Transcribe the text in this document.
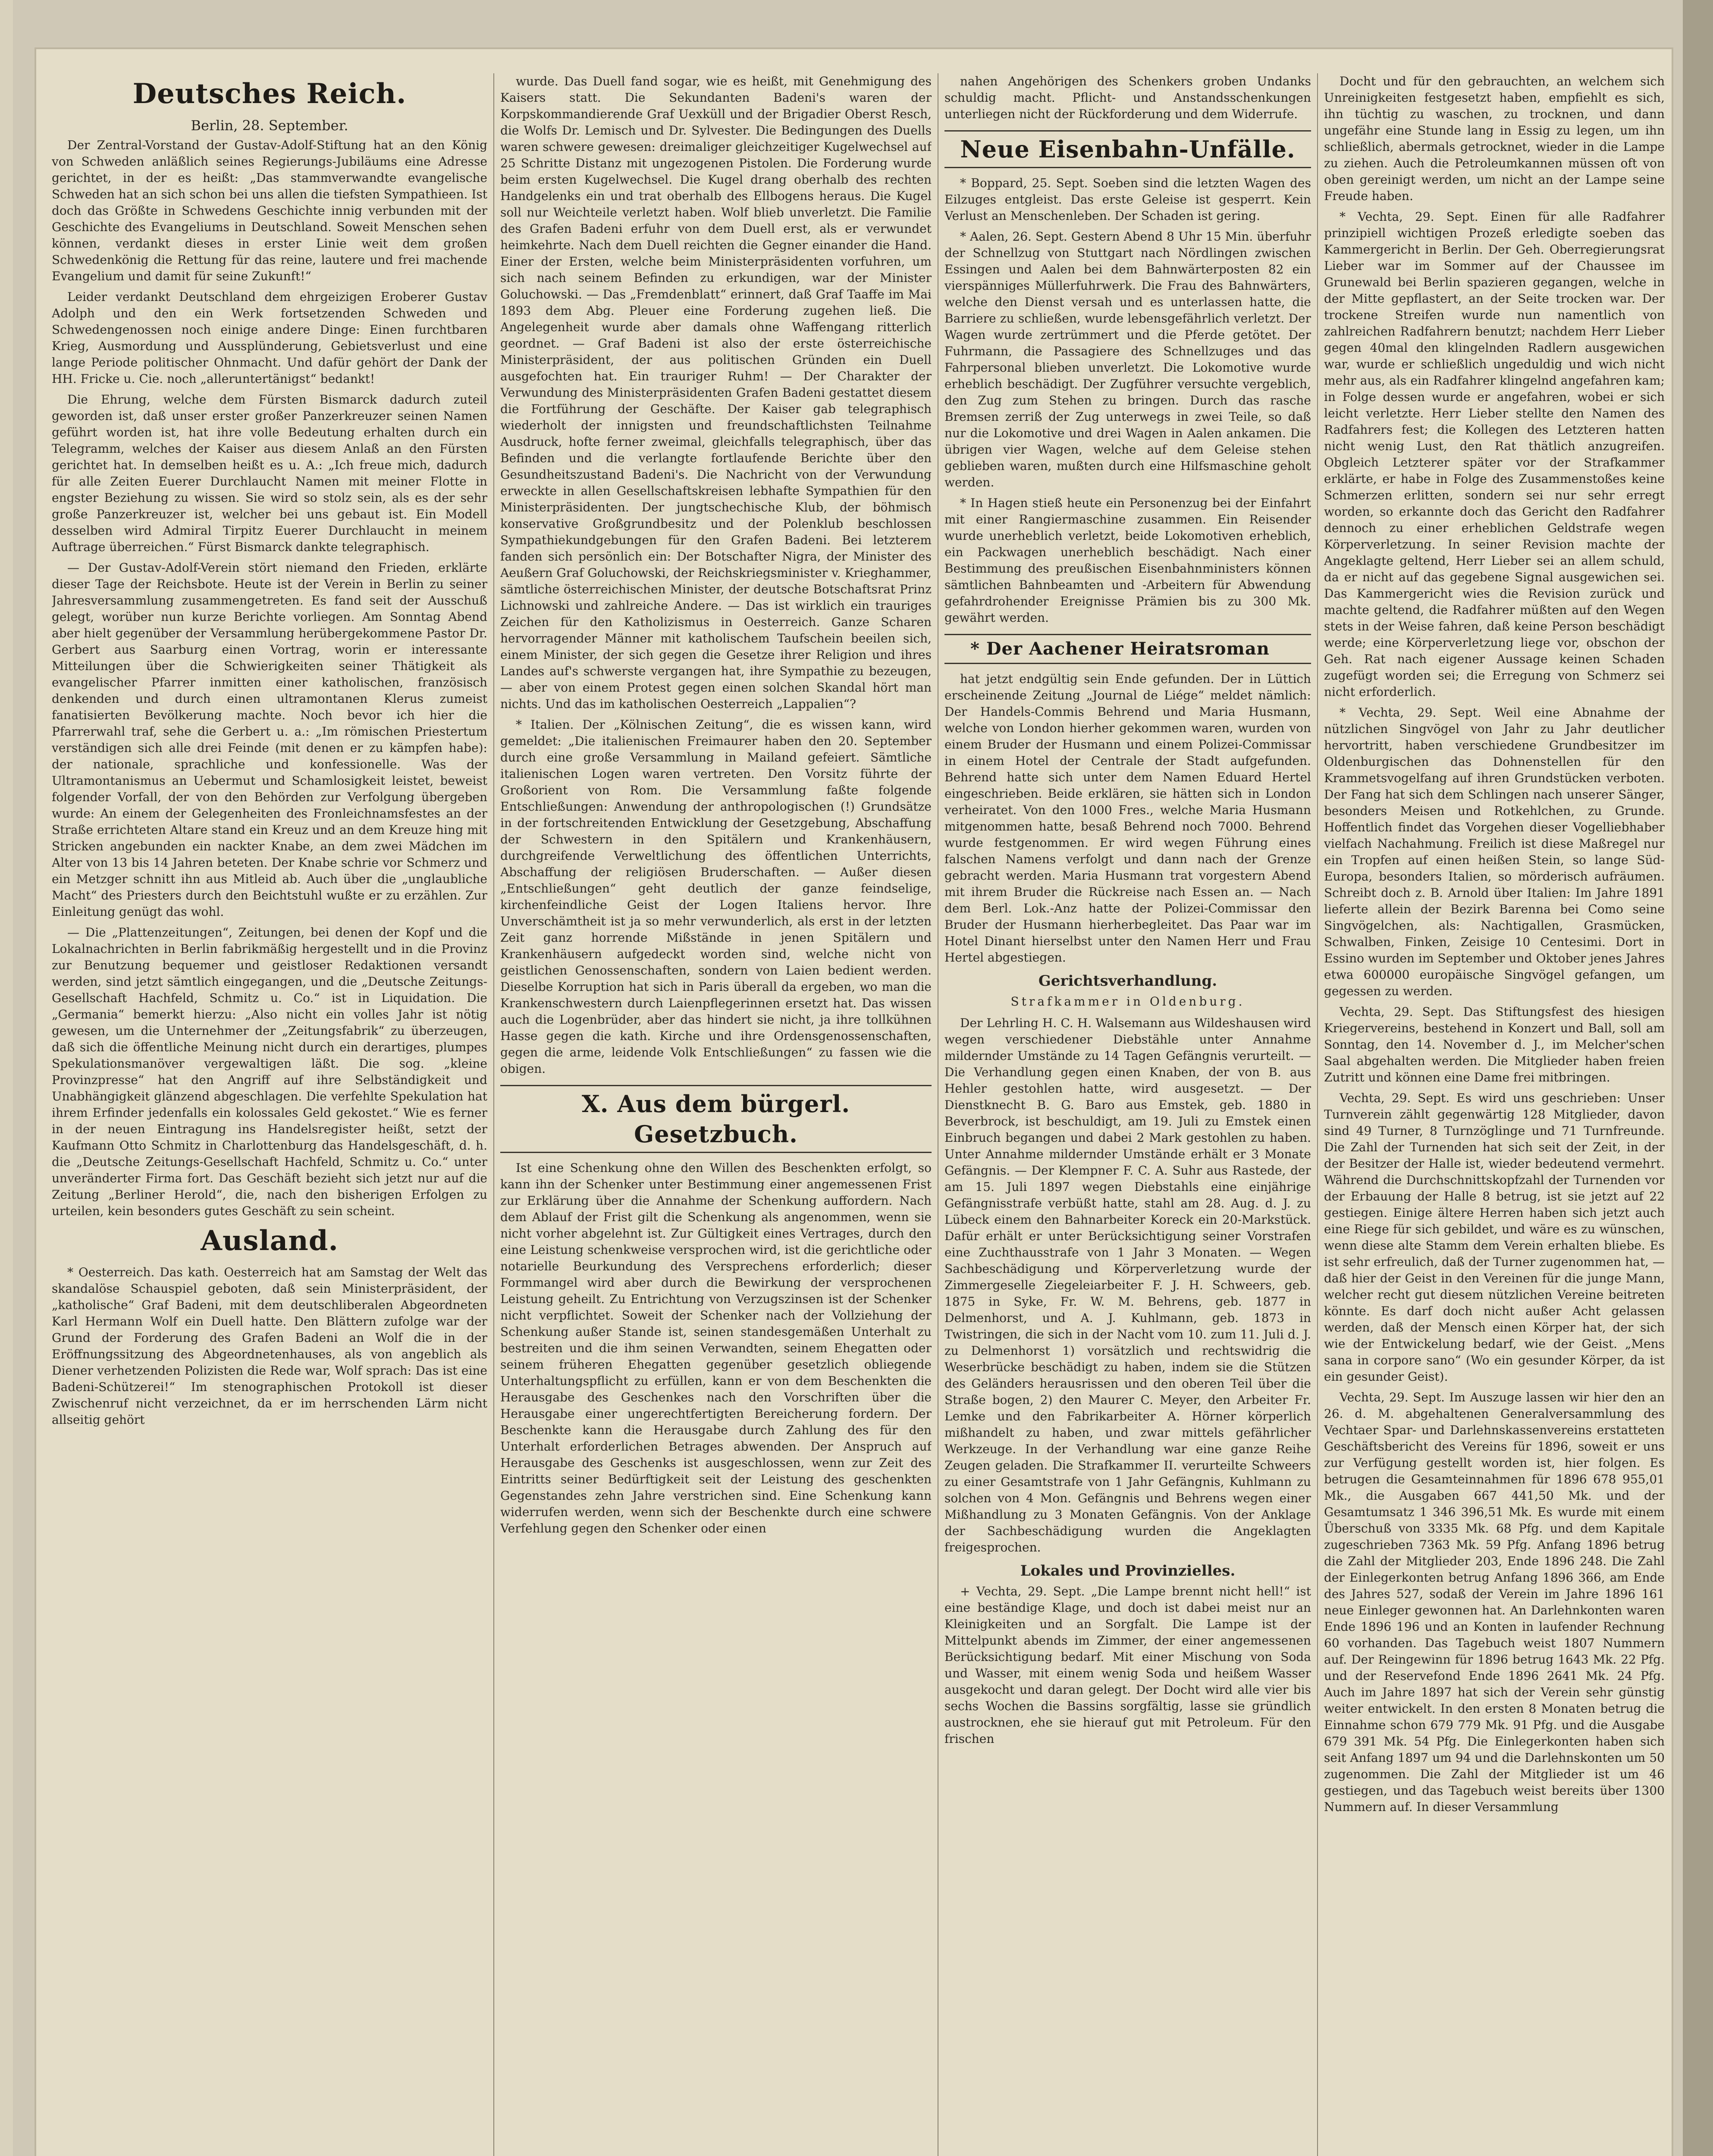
Deutsches Reich.

Berlin, 28. September.

Der Zentral-Vorstand der Gustav-Adolf-Stiftung hat an den König von Schweden anläßlich seines Regierungs-Jubiläums eine Adresse gerichtet, in der es heißt: „Das stammverwandte evangelische Schweden hat an sich schon bei uns allen die tiefsten Sympathieen. Ist doch das Größte in Schwedens Geschichte innig verbunden mit der Geschichte des Evangeliums in Deutschland. Soweit Menschen sehen können, verdankt dieses in erster Linie weit dem großen Schwedenkönig die Rettung für das reine, lautere und frei machende Evangelium und damit für seine Zukunft!“

Leider verdankt Deutschland dem ehrgeizigen Eroberer Gustav Adolph und den ein Werk fortsetzenden Schweden und Schwedengenossen noch einige andere Dinge: Einen furchtbaren Krieg, Ausmordung und Aussplünderung, Gebietsverlust und eine lange Periode politischer Ohnmacht. Und dafür gehört der Dank der HH. Fricke u. Cie. noch „alleruntertänigst“ bedankt!

Die Ehrung, welche dem Fürsten Bismarck dadurch zuteil geworden ist, daß unser erster großer Panzerkreuzer seinen Namen geführt worden ist, hat ihre volle Bedeutung erhalten durch ein Telegramm, welches der Kaiser aus diesem Anlaß an den Fürsten gerichtet hat. In demselben heißt es u. A.: „Ich freue mich, dadurch für alle Zeiten Euerer Durchlaucht Namen mit meiner Flotte in engster Beziehung zu wissen. Sie wird so stolz sein, als es der sehr große Panzerkreuzer ist, welcher bei uns gebaut ist. Ein Modell desselben wird Admiral Tirpitz Euerer Durchlaucht in meinem Auftrage überreichen.“ Fürst Bismarck dankte telegraphisch.

— Der Gustav-Adolf-Verein stört niemand den Frieden, erklärte dieser Tage der Reichsbote. Heute ist der Verein in Berlin zu seiner Jahresversammlung zusammengetreten. Es fand seit der Ausschuß gelegt, worüber nun kurze Berichte vorliegen. Am Sonntag Abend aber hielt gegenüber der Versammlung herübergekommene Pastor Dr. Gerbert aus Saarburg einen Vortrag, worin er interessante Mitteilungen über die Schwierigkeiten seiner Thätigkeit als evangelischer Pfarrer inmitten einer katholischen, französisch denkenden und durch einen ultramontanen Klerus zumeist fanatisierten Bevölkerung machte. Noch bevor ich hier die Pfarrerwahl traf, sehe die Gerbert u. a.: „Im römischen Priestertum verständigen sich alle drei Feinde (mit denen er zu kämpfen habe): der nationale, sprachliche und konfessionelle. Was der Ultramontanismus an Uebermut und Schamlosigkeit leistet, beweist folgender Vorfall, der von den Behörden zur Verfolgung übergeben wurde: An einem der Gelegenheiten des Fronleichnamsfestes an der Straße errichteten Altare stand ein Kreuz und an dem Kreuze hing mit Stricken angebunden ein nackter Knabe, an dem zwei Mädchen im Alter von 13 bis 14 Jahren beteten. Der Knabe schrie vor Schmerz und ein Metzger schnitt ihn aus Mitleid ab. Auch über die „unglaubliche Macht“ des Priesters durch den Beichtstuhl wußte er zu erzählen. Zur Einleitung genügt das wohl.

— Die „Plattenzeitungen“, Zeitungen, bei denen der Kopf und die Lokalnachrichten in Berlin fabrikmäßig hergestellt und in die Provinz zur Benutzung bequemer und geistloser Redaktionen versandt werden, sind jetzt sämtlich eingegangen, und die „Deutsche Zeitungs-Gesellschaft Hachfeld, Schmitz u. Co.“ ist in Liquidation. Die „Germania“ bemerkt hierzu: „Also nicht ein volles Jahr ist nötig gewesen, um die Unternehmer der „Zeitungsfabrik“ zu überzeugen, daß sich die öffentliche Meinung nicht durch ein derartiges, plumpes Spekulationsmanöver vergewaltigen läßt. Die sog. „kleine Provinzpresse“ hat den Angriff auf ihre Selbständigkeit und Unabhängigkeit glänzend abgeschlagen. Die verfehlte Spekulation hat ihrem Erfinder jedenfalls ein kolossales Geld gekostet.“ Wie es ferner in der neuen Eintragung ins Handelsregister heißt, setzt der Kaufmann Otto Schmitz in Charlottenburg das Handelsgeschäft, d. h. die „Deutsche Zeitungs-Gesellschaft Hachfeld, Schmitz u. Co.“ unter unveränderter Firma fort. Das Geschäft bezieht sich jetzt nur auf die Zeitung „Berliner Herold“, die, nach den bisherigen Erfolgen zu urteilen, kein besonders gutes Geschäft zu sein scheint.

Ausland.

* Oesterreich. Das kath. Oesterreich hat am Samstag der Welt das skandalöse Schauspiel geboten, daß sein Ministerpräsident, der „katholische“ Graf Badeni, mit dem deutschliberalen Abgeordneten Karl Hermann Wolf ein Duell hatte. Den Blättern zufolge war der Grund der Forderung des Grafen Badeni an Wolf die in der Eröffnungssitzung des Abgeordnetenhauses, als von angeblich als Diener verhetzenden Polizisten die Rede war, Wolf sprach: Das ist eine Badeni-Schützerei!“ Im stenographischen Protokoll ist dieser Zwischenruf nicht verzeichnet, da er im herrschenden Lärm nicht allseitig gehört

wurde. Das Duell fand sogar, wie es heißt, mit Genehmigung des Kaisers statt. Die Sekundanten Badeni's waren der Korpskommandierende Graf Uexküll und der Brigadier Oberst Resch, die Wolfs Dr. Lemisch und Dr. Sylvester. Die Bedingungen des Duells waren schwere gewesen: dreimaliger gleichzeitiger Kugelwechsel auf 25 Schritte Distanz mit ungezogenen Pistolen. Die Forderung wurde beim ersten Kugelwechsel. Die Kugel drang oberhalb des rechten Handgelenks ein und trat oberhalb des Ellbogens heraus. Die Kugel soll nur Weichteile verletzt haben. Wolf blieb unverletzt. Die Familie des Grafen Badeni erfuhr von dem Duell erst, als er verwundet heimkehrte. Nach dem Duell reichten die Gegner einander die Hand. Einer der Ersten, welche beim Ministerpräsidenten vorfuhren, um sich nach seinem Befinden zu erkundigen, war der Minister Goluchowski. — Das „Fremdenblatt“ erinnert, daß Graf Taaffe im Mai 1893 dem Abg. Pleuer eine Forderung zugehen ließ. Die Angelegenheit wurde aber damals ohne Waffengang ritterlich geordnet. — Graf Badeni ist also der erste österreichische Ministerpräsident, der aus politischen Gründen ein Duell ausgefochten hat. Ein trauriger Ruhm! — Der Charakter der Verwundung des Ministerpräsidenten Grafen Badeni gestattet diesem die Fortführung der Geschäfte. Der Kaiser gab telegraphisch wiederholt der innigsten und freundschaftlichsten Teilnahme Ausdruck, hofte ferner zweimal, gleichfalls telegraphisch, über das Befinden und die verlangte fortlaufende Berichte über den Gesundheitszustand Badeni's. Die Nachricht von der Verwundung erweckte in allen Gesellschaftskreisen lebhafte Sympathien für den Ministerpräsidenten. Der jungtschechische Klub, der böhmisch konservative Großgrundbesitz und der Polenklub beschlossen Sympathiekundgebungen für den Grafen Badeni. Bei letzterem fanden sich persönlich ein: Der Botschafter Nigra, der Minister des Aeußern Graf Goluchowski, der Reichskriegsminister v. Krieghammer, sämtliche österreichischen Minister, der deutsche Botschaftsrat Prinz Lichnowski und zahlreiche Andere. — Das ist wirklich ein trauriges Zeichen für den Katholizismus in Oesterreich. Ganze Scharen hervorragender Männer mit katholischem Taufschein beeilen sich, einem Minister, der sich gegen die Gesetze ihrer Religion und ihres Landes auf's schwerste vergangen hat, ihre Sympathie zu bezeugen, — aber von einem Protest gegen einen solchen Skandal hört man nichts. Und das im katholischen Oesterreich „Lappalien“?

* Italien. Der „Kölnischen Zeitung“, die es wissen kann, wird gemeldet: „Die italienischen Freimaurer haben den 20. September durch eine große Versammlung in Mailand gefeiert. Sämtliche italienischen Logen waren vertreten. Den Vorsitz führte der Großorient von Rom. Die Versammlung faßte folgende Entschließungen: Anwendung der anthropologischen (!) Grundsätze in der fortschreitenden Entwicklung der Gesetzgebung, Abschaffung der Schwestern in den Spitälern und Krankenhäusern, durchgreifende Verweltlichung des öffentlichen Unterrichts, Abschaffung der religiösen Bruderschaften. — Außer diesen „Entschließungen“ geht deutlich der ganze feindselige, kirchenfeindliche Geist der Logen Italiens hervor. Ihre Unverschämtheit ist ja so mehr verwunderlich, als erst in der letzten Zeit ganz horrende Mißstände in jenen Spitälern und Krankenhäusern aufgedeckt worden sind, welche nicht von geistlichen Genossenschaften, sondern von Laien bedient werden. Dieselbe Korruption hat sich in Paris überall da ergeben, wo man die Krankenschwestern durch Laienpflegerinnen ersetzt hat. Das wissen auch die Logenbrüder, aber das hindert sie nicht, ja ihre tollkühnen Hasse gegen die kath. Kirche und ihre Ordensgenossenschaften, gegen die arme, leidende Volk Entschließungen“ zu fassen wie die obigen.

X. Aus dem bürgerl. Gesetzbuch.

Ist eine Schenkung ohne den Willen des Beschenkten erfolgt, so kann ihn der Schenker unter Bestimmung einer angemessenen Frist zur Erklärung über die Annahme der Schenkung auffordern. Nach dem Ablauf der Frist gilt die Schenkung als angenommen, wenn sie nicht vorher abgelehnt ist. Zur Gültigkeit eines Vertrages, durch den eine Leistung schenkweise versprochen wird, ist die gerichtliche oder notarielle Beurkundung des Versprechens erforderlich; dieser Formmangel wird aber durch die Bewirkung der versprochenen Leistung geheilt. Zu Entrichtung von Verzugszinsen ist der Schenker nicht verpflichtet. Soweit der Schenker nach der Vollziehung der Schenkung außer Stande ist, seinen standesgemäßen Unterhalt zu bestreiten und die ihm seinen Verwandten, seinem Ehegatten oder seinem früheren Ehegatten gegenüber gesetzlich obliegende Unterhaltungspflicht zu erfüllen, kann er von dem Beschenkten die Herausgabe des Geschenkes nach den Vorschriften über die Herausgabe einer ungerechtfertigten Bereicherung fordern. Der Beschenkte kann die Herausgabe durch Zahlung des für den Unterhalt erforderlichen Betrages abwenden. Der Anspruch auf Herausgabe des Geschenks ist ausgeschlossen, wenn zur Zeit des Eintritts seiner Bedürftigkeit seit der Leistung des geschenkten Gegenstandes zehn Jahre verstrichen sind. Eine Schenkung kann widerrufen werden, wenn sich der Beschenkte durch eine schwere Verfehlung gegen den Schenker oder einen

nahen Angehörigen des Schenkers groben Undanks schuldig macht. Pflicht- und Anstandsschenkungen unterliegen nicht der Rückforderung und dem Widerrufe.

Neue Eisenbahn-Unfälle.

* Boppard, 25. Sept. Soeben sind die letzten Wagen des Eilzuges entgleist. Das erste Geleise ist gesperrt. Kein Verlust an Menschenleben. Der Schaden ist gering.

* Aalen, 26. Sept. Gestern Abend 8 Uhr 15 Min. überfuhr der Schnellzug von Stuttgart nach Nördlingen zwischen Essingen und Aalen bei dem Bahnwärterposten 82 ein vierspänniges Müllerfuhrwerk. Die Frau des Bahnwärters, welche den Dienst versah und es unterlassen hatte, die Barriere zu schließen, wurde lebensgefährlich verletzt. Der Wagen wurde zertrümmert und die Pferde getötet. Der Fuhrmann, die Passagiere des Schnellzuges und das Fahrpersonal blieben unverletzt. Die Lokomotive wurde erheblich beschädigt. Der Zugführer versuchte vergeblich, den Zug zum Stehen zu bringen. Durch das rasche Bremsen zerriß der Zug unterwegs in zwei Teile, so daß nur die Lokomotive und drei Wagen in Aalen ankamen. Die übrigen vier Wagen, welche auf dem Geleise stehen geblieben waren, mußten durch eine Hilfsmaschine geholt werden.

* In Hagen stieß heute ein Personenzug bei der Einfahrt mit einer Rangiermaschine zusammen. Ein Reisender wurde unerheblich verletzt, beide Lokomotiven erheblich, ein Packwagen unerheblich beschädigt. Nach einer Bestimmung des preußischen Eisenbahnministers können sämtlichen Bahnbeamten und -Arbeitern für Abwendung gefahrdrohender Ereignisse Prämien bis zu 300 Mk. gewährt werden.

* Der Aachener Heiratsroman

hat jetzt endgültig sein Ende gefunden. Der in Lüttich erscheinende Zeitung „Journal de Liége“ meldet nämlich: Der Handels-Commis Behrend und Maria Husmann, welche von London hierher gekommen waren, wurden von einem Bruder der Husmann und einem Polizei-Commissar in einem Hotel der Centrale der Stadt aufgefunden. Behrend hatte sich unter dem Namen Eduard Hertel eingeschrieben. Beide erklären, sie hätten sich in London verheiratet. Von den 1000 Fres., welche Maria Husmann mitgenommen hatte, besaß Behrend noch 7000. Behrend wurde festgenommen. Er wird wegen Führung eines falschen Namens verfolgt und dann nach der Grenze gebracht werden. Maria Husmann trat vorgestern Abend mit ihrem Bruder die Rückreise nach Essen an. — Nach dem Berl. Lok.-Anz hatte der Polizei-Commissar den Bruder der Husmann hierherbegleitet. Das Paar war im Hotel Dinant hierselbst unter den Namen Herr und Frau Hertel abgestiegen.

Gerichtsverhandlung.
Strafkammer in Oldenburg.

Der Lehrling H. C. H. Walsemann aus Wildeshausen wird wegen verschiedener Diebstähle unter Annahme mildernder Umstände zu 14 Tagen Gefängnis verurteilt. — Die Verhandlung gegen einen Knaben, der von B. aus Hehler gestohlen hatte, wird ausgesetzt. — Der Dienstknecht B. G. Baro aus Emstek, geb. 1880 in Beverbrock, ist beschuldigt, am 19. Juli zu Emstek einen Einbruch begangen und dabei 2 Mark gestohlen zu haben. Unter Annahme mildernder Umstände erhält er 3 Monate Gefängnis. — Der Klempner F. C. A. Suhr aus Rastede, der am 15. Juli 1897 wegen Diebstahls eine einjährige Gefängnisstrafe verbüßt hatte, stahl am 28. Aug. d. J. zu Lübeck einem den Bahnarbeiter Koreck ein 20-Markstück. Dafür erhält er unter Berücksichtigung seiner Vorstrafen eine Zuchthausstrafe von 1 Jahr 3 Monaten. — Wegen Sachbeschädigung und Körperverletzung wurde der Zimmergeselle Ziegeleiarbeiter F. J. H. Schweers, geb. 1875 in Syke, Fr. W. M. Behrens, geb. 1877 in Delmenhorst, und A. J. Kuhlmann, geb. 1873 in Twistringen, die sich in der Nacht vom 10. zum 11. Juli d. J. zu Delmenhorst 1) vorsätzlich und rechtswidrig die Weserbrücke beschädigt zu haben, indem sie die Stützen des Geländers herausrissen und den oberen Teil über die Straße bogen, 2) den Maurer C. Meyer, den Arbeiter Fr. Lemke und den Fabrikarbeiter A. Hörner körperlich mißhandelt zu haben, und zwar mittels gefährlicher Werkzeuge. In der Verhandlung war eine ganze Reihe Zeugen geladen. Die Strafkammer II. verurteilte Schweers zu einer Gesamtstrafe von 1 Jahr Gefängnis, Kuhlmann zu solchen von 4 Mon. Gefängnis und Behrens wegen einer Mißhandlung zu 3 Monaten Gefängnis. Von der Anklage der Sachbeschädigung wurden die Angeklagten freigesprochen.

Lokales und Provinzielles.

+ Vechta, 29. Sept. „Die Lampe brennt nicht hell!“ ist eine beständige Klage, und doch ist dabei meist nur an Kleinigkeiten und an Sorgfalt. Die Lampe ist der Mittelpunkt abends im Zimmer, der einer angemessenen Berücksichtigung bedarf. Mit einer Mischung von Soda und Wasser, mit einem wenig Soda und heißem Wasser ausgekocht und daran gelegt. Der Docht wird alle vier bis sechs Wochen die Bassins sorgfältig, lasse sie gründlich austrocknen, ehe sie hierauf gut mit Petroleum. Für den frischen

Docht und für den gebrauchten, an welchem sich Unreinigkeiten festgesetzt haben, empfiehlt es sich, ihn tüchtig zu waschen, zu trocknen, und dann ungefähr eine Stunde lang in Essig zu legen, um ihn schließlich, abermals getrocknet, wieder in die Lampe zu ziehen. Auch die Petroleumkannen müssen oft von oben gereinigt werden, um nicht an der Lampe seine Freude haben.

* Vechta, 29. Sept. Einen für alle Radfahrer prinzipiell wichtigen Prozeß erledigte soeben das Kammergericht in Berlin. Der Geh. Oberregierungsrat Lieber war im Sommer auf der Chaussee im Grunewald bei Berlin spazieren gegangen, welche in der Mitte gepflastert, an der Seite trocken war. Der trockene Streifen wurde nun namentlich von zahlreichen Radfahrern benutzt; nachdem Herr Lieber gegen 40mal den klingelnden Radlern ausgewichen war, wurde er schließlich ungeduldig und wich nicht mehr aus, als ein Radfahrer klingelnd angefahren kam; in Folge dessen wurde er angefahren, wobei er sich leicht verletzte. Herr Lieber stellte den Namen des Radfahrers fest; die Kollegen des Letzteren hatten nicht wenig Lust, den Rat thätlich anzugreifen. Obgleich Letzterer später vor der Strafkammer erklärte, er habe in Folge des Zusammenstoßes keine Schmerzen erlitten, sondern sei nur sehr erregt worden, so erkannte doch das Gericht den Radfahrer dennoch zu einer erheblichen Geldstrafe wegen Körperverletzung. In seiner Revision machte der Angeklagte geltend, Herr Lieber sei an allem schuld, da er nicht auf das gegebene Signal ausgewichen sei. Das Kammergericht wies die Revision zurück und machte geltend, die Radfahrer müßten auf den Wegen stets in der Weise fahren, daß keine Person beschädigt werde; eine Körperverletzung liege vor, obschon der Geh. Rat nach eigener Aussage keinen Schaden zugefügt worden sei; die Erregung von Schmerz sei nicht erforderlich.

* Vechta, 29. Sept. Weil eine Abnahme der nützlichen Singvögel von Jahr zu Jahr deutlicher hervortritt, haben verschiedene Grundbesitzer im Oldenburgischen das Dohnenstellen für den Krammetsvogelfang auf ihren Grundstücken verboten. Der Fang hat sich dem Schlingen nach unserer Sänger, besonders Meisen und Rotkehlchen, zu Grunde. Hoffentlich findet das Vorgehen dieser Vogelliebhaber vielfach Nachahmung. Freilich ist diese Maßregel nur ein Tropfen auf einen heißen Stein, so lange Süd-Europa, besonders Italien, so mörderisch aufräumen. Schreibt doch z. B. Arnold über Italien: Im Jahre 1891 lieferte allein der Bezirk Barenna bei Como seine Singvögelchen, als: Nachtigallen, Grasmücken, Schwalben, Finken, Zeisige 10 Centesimi. Dort in Essino wurden im September und Oktober jenes Jahres etwa 600000 europäische Singvögel gefangen, um gegessen zu werden.

Vechta, 29. Sept. Das Stiftungsfest des hiesigen Kriegervereins, bestehend in Konzert und Ball, soll am Sonntag, den 14. November d. J., im Melcher'schen Saal abgehalten werden. Die Mitglieder haben freien Zutritt und können eine Dame frei mitbringen.

Vechta, 29. Sept. Es wird uns geschrieben: Unser Turnverein zählt gegenwärtig 128 Mitglieder, davon sind 49 Turner, 8 Turnzöglinge und 71 Turnfreunde. Die Zahl der Turnenden hat sich seit der Zeit, in der der Besitzer der Halle ist, wieder bedeutend vermehrt. Während die Durchschnittskopfzahl der Turnenden vor der Erbauung der Halle 8 betrug, ist sie jetzt auf 22 gestiegen. Einige ältere Herren haben sich jetzt auch eine Riege für sich gebildet, und wäre es zu wünschen, wenn diese alte Stamm dem Verein erhalten bliebe. Es ist sehr erfreulich, daß der Turner zugenommen hat, — daß hier der Geist in den Vereinen für die junge Mann, welcher recht gut diesem nützlichen Vereine beitreten könnte. Es darf doch nicht außer Acht gelassen werden, daß der Mensch einen Körper hat, der sich wie der Entwickelung bedarf, wie der Geist. „Mens sana in corpore sano“ (Wo ein gesunder Körper, da ist ein gesunder Geist).

Vechta, 29. Sept. Im Auszuge lassen wir hier den an 26. d. M. abgehaltenen Generalversammlung des Vechtaer Spar- und Darlehnskassenvereins erstatteten Geschäftsbericht des Vereins für 1896, soweit er uns zur Verfügung gestellt worden ist, hier folgen. Es betrugen die Gesamteinnahmen für 1896 678 955,01 Mk., die Ausgaben 667 441,50 Mk. und der Gesamtumsatz 1 346 396,51 Mk. Es wurde mit einem Überschuß von 3335 Mk. 68 Pfg. und dem Kapitale zugeschrieben 7363 Mk. 59 Pfg. Anfang 1896 betrug die Zahl der Mitglieder 203, Ende 1896 248. Die Zahl der Einlegerkonten betrug Anfang 1896 366, am Ende des Jahres 527, sodaß der Verein im Jahre 1896 161 neue Einleger gewonnen hat. An Darlehnkonten waren Ende 1896 196 und an Konten in laufender Rechnung 60 vorhanden. Das Tagebuch weist 1807 Nummern auf. Der Reingewinn für 1896 betrug 1643 Mk. 22 Pfg. und der Reservefond Ende 1896 2641 Mk. 24 Pfg. Auch im Jahre 1897 hat sich der Verein sehr günstig weiter entwickelt. In den ersten 8 Monaten betrug die Einnahme schon 679 779 Mk. 91 Pfg. und die Ausgabe 679 391 Mk. 54 Pfg. Die Einlegerkonten haben sich seit Anfang 1897 um 94 und die Darlehnskonten um 50 zugenommen. Die Zahl der Mitglieder ist um 46 gestiegen, und das Tagebuch weist bereits über 1300 Nummern auf. In dieser Versammlung
